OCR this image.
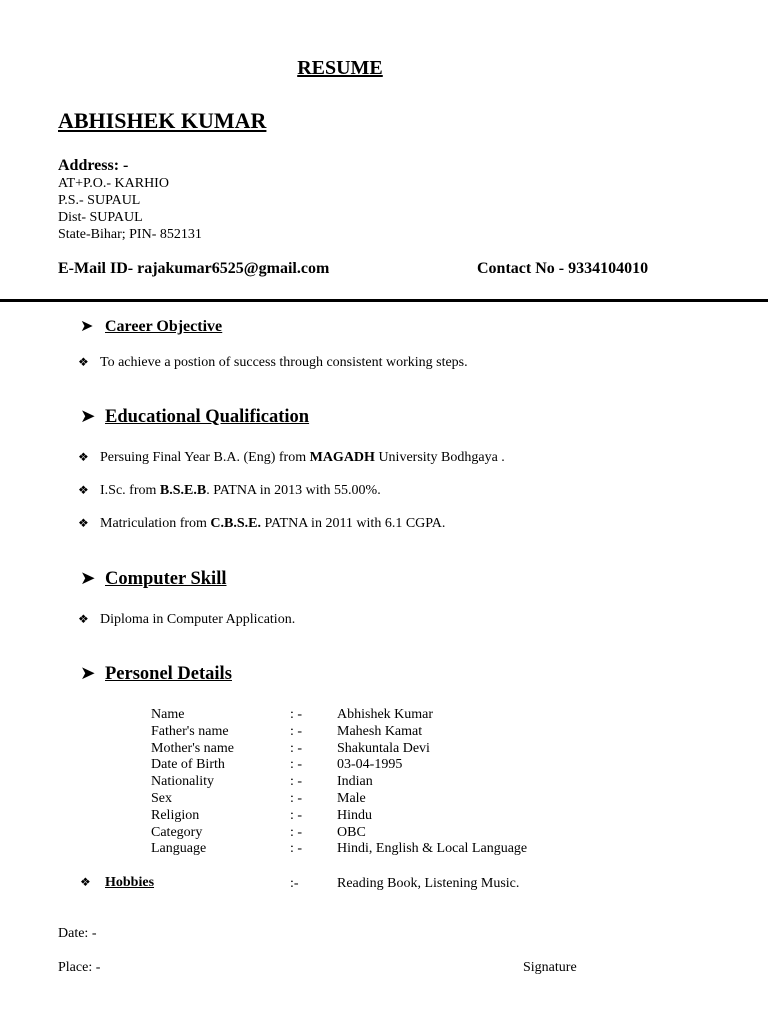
RESUME
ABHISHEK KUMAR
Address: -
AT+P.O.- KARHIO
P.S.- SUPAUL
Dist- SUPAUL
State-Bihar; PIN- 852131
E-Mail ID- rajakumar6525@gmail.com	Contact No - 9334104010
➤ Career Objective
❖ To achieve a postion of success through consistent working steps.
➤ Educational Qualification
❖ Persuing Final Year B.A. (Eng) from MAGADH University Bodhgaya .
❖ I.Sc. from B.S.E.B. PATNA in 2013 with 55.00%.
❖ Matriculation from C.B.S.E. PATNA in 2011 with 6.1 CGPA.
➤ Computer Skill
❖ Diploma in Computer Application.
➤ Personel Details
Name	: - Abhishek Kumar
Father's name	: - Mahesh Kamat
Mother's name	: - Shakuntala Devi
Date of Birth	: - 03-04-1995
Nationality	: - Indian
Sex	: - Male
Religion	: - Hindu
Category	: - OBC
Language	: - Hindi, English & Local Language
❖ Hobbies	:-	Reading Book, Listening Music.
Date: -
Place: -	Signature
